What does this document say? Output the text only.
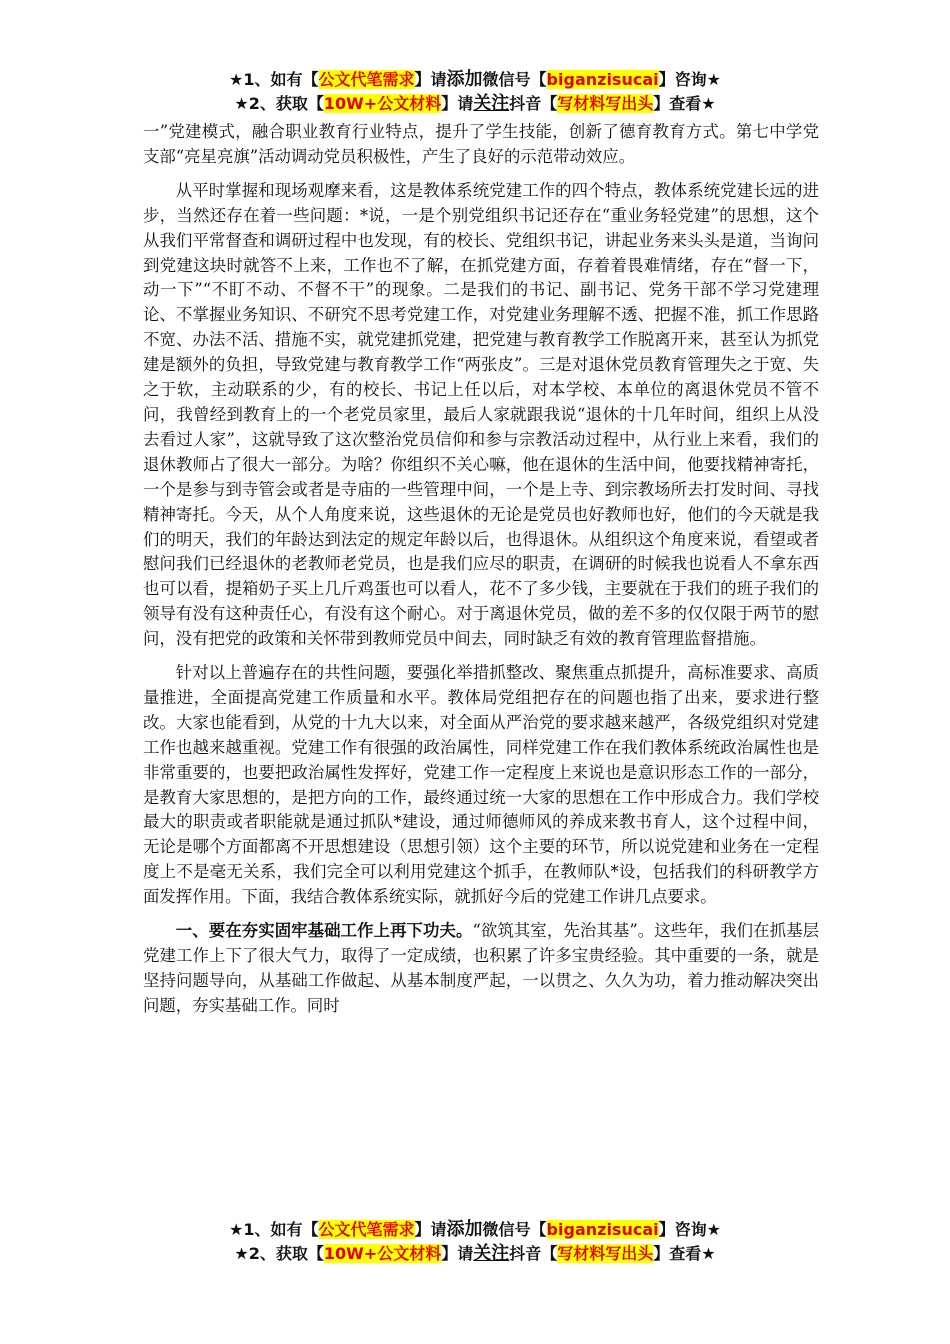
★1、如有【公文代笔需求】请添加微信号【biganzisucai】咨询★
★2、获取【10W+公文材料】请关注抖音【写材料写出头】查看★

一”党建模式，融合职业教育行业特点，提升了学生技能，创新了德育教育方式。第七中学党支部“亮星亮旗”活动调动党员积极性，产生了良好的示范带动效应。

从平时掌握和现场观摩来看，这是教体系统党建工作的四个特点，教体系统党建长远的进步，当然还存在着一些问题：*说，一是个别党组织书记还存在“重业务轻党建”的思想，这个从我们平常督查和调研过程中也发现，有的校长、党组织书记，讲起业务来头头是道，当询问到党建这块时就答不上来，工作也不了解，在抓党建方面，存着着畏难情绪，存在“督一下，动一下”“不盯不动、不督不干”的现象。二是我们的书记、副书记、党务干部不学习党建理论、不掌握业务知识、不研究不思考党建工作，对党建业务理解不透、把握不准，抓工作思路不宽、办法不活、措施不实，就党建抓党建，把党建与教育教学工作脱离开来，甚至认为抓党建是额外的负担，导致党建与教育教学工作“两张皮”。三是对退休党员教育管理失之于宽、失之于软，主动联系的少，有的校长、书记上任以后，对本学校、本单位的离退休党员不管不问，我曾经到教育上的一个老党员家里，最后人家就跟我说“退休的十几年时间，组织上从没去看过人家”，这就导致了这次整治党员信仰和参与宗教活动过程中，从行业上来看，我们的退休教师占了很大一部分。为啥？你组织不关心嘛，他在退休的生活中间，他要找精神寄托，一个是参与到寺管会或者是寺庙的一些管理中间，一个是上寺、到宗教场所去打发时间、寻找精神寄托。今天，从个人角度来说，这些退休的无论是党员也好教师也好，他们的今天就是我们的明天，我们的年龄达到法定的规定年龄以后，也得退休。从组织这个角度来说，看望或者慰问我们已经退休的老教师老党员，也是我们应尽的职责，在调研的时候我也说看人不拿东西也可以看，提箱奶子买上几斤鸡蛋也可以看人，花不了多少钱，主要就在于我们的班子我们的领导有没有这种责任心，有没有这个耐心。对于离退休党员，做的差不多的仅仅限于两节的慰问，没有把党的政策和关怀带到教师党员中间去，同时缺乏有效的教育管理监督措施。

针对以上普遍存在的共性问题，要强化举措抓整改、聚焦重点抓提升，高标准要求、高质量推进，全面提高党建工作质量和水平。教体局党组把存在的问题也指了出来，要求进行整改。大家也能看到，从党的十九大以来，对全面从严治党的要求越来越严，各级党组织对党建工作也越来越重视。党建工作有很强的政治属性，同样党建工作在我们教体系统政治属性也是非常重要的，也要把政治属性发挥好，党建工作一定程度上来说也是意识形态工作的一部分，是教育大家思想的，是把方向的工作，最终通过统一大家的思想在工作中形成合力。我们学校最大的职责或者职能就是通过抓队*建设，通过师德师风的养成来教书育人，这个过程中间，无论是哪个方面都离不开思想建设（思想引领）这个主要的环节，所以说党建和业务在一定程度上不是毫无关系，我们完全可以利用党建这个抓手，在教师队*设，包括我们的科研教学方面发挥作用。下面，我结合教体系统实际，就抓好今后的党建工作讲几点要求。

一、要在夯实固牢基础工作上再下功夫。“欲筑其室，先治其基”。这些年，我们在抓基层党建工作上下了很大气力，取得了一定成绩，也积累了许多宝贵经验。其中重要的一条，就是坚持问题导向，从基础工作做起、从基本制度严起，一以贯之、久久为功，着力推动解决突出问题，夯实基础工作。同时

★1、如有【公文代笔需求】请添加微信号【biganzisucai】咨询★
★2、获取【10W+公文材料】请关注抖音【写材料写出头】查看★
